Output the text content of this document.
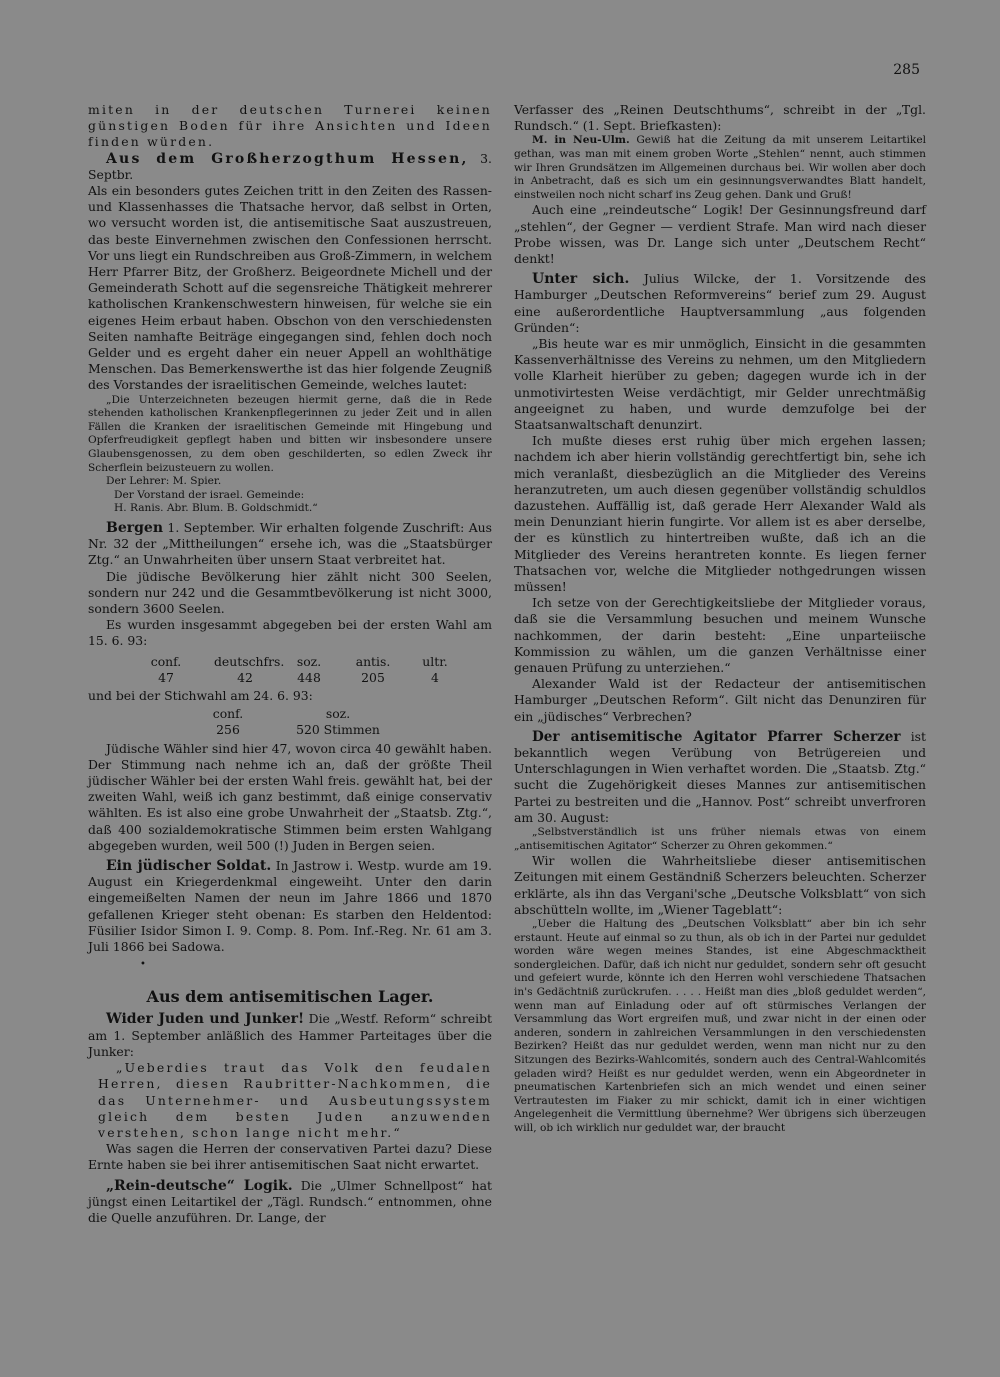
285

miten in der deutschen Turnerei keinen günstigen Boden für ihre Ansichten und Ideen finden würden.

Aus dem Großherzogthum Hessen, 3. Septbr.

Als ein besonders gutes Zeichen tritt in den Zeiten des Rassen- und Klassenhasses die Thatsache hervor, daß selbst in Orten, wo versucht worden ist, die antisemitische Saat auszustreuen, das beste Einvernehmen zwischen den Confessionen herrscht. Vor uns liegt ein Rundschreiben aus Groß-Zimmern, in welchem Herr Pfarrer Bitz, der Großherz. Beigeordnete Michell und der Gemeinderath Schott auf die segensreiche Thätigkeit mehrerer katholischen Krankenschwestern hinweisen, für welche sie ein eigenes Heim erbaut haben. Obschon von den verschiedensten Seiten namhafte Beiträge eingegangen sind, fehlen doch noch Gelder und es ergeht daher ein neuer Appell an wohlthätige Menschen. Das Bemerkenswerthe ist das hier folgende Zeugniß des Vorstandes der israelitischen Gemeinde, welches lautet:

„Die Unterzeichneten bezeugen hiermit gerne, daß die in Rede stehenden katholischen Krankenpflegerinnen zu jeder Zeit und in allen Fällen die Kranken der israelitischen Gemeinde mit Hingebung und Opferfreudigkeit gepflegt haben und bitten wir insbesondere unsere Glaubensgenossen, zu dem oben geschilderten, so edlen Zweck ihr Scherflein beizusteuern zu wollen.

Der Lehrer: M. Spier.

Der Vorstand der israel. Gemeinde:

H. Ranis. Abr. Blum. B. Goldschmidt.“

Bergen 1. September. Wir erhalten folgende Zuschrift: Aus Nr. 32 der „Mittheilungen“ ersehe ich, was die „Staatsbürger Ztg.“ an Unwahrheiten über unsern Staat verbreitet hat.

Die jüdische Bevölkerung hier zählt nicht 300 Seelen, sondern nur 242 und die Gesammtbevölkerung ist nicht 3000, sondern 3600 Seelen.

Es wurden insgesammt abgegeben bei der ersten Wahl am 15. 6. 93:

conf.	deutschfrs.	soz.	antis.	ultr.
47	42	448	205	4

und bei der Stichwahl am 24. 6. 93:

conf.	soz.
256	520 Stimmen

Jüdische Wähler sind hier 47, wovon circa 40 gewählt haben. Der Stimmung nach nehme ich an, daß der größte Theil jüdischer Wähler bei der ersten Wahl freis. gewählt hat, bei der zweiten Wahl, weiß ich ganz bestimmt, daß einige conservativ wählten. Es ist also eine grobe Unwahrheit der „Staatsb. Ztg.“, daß 400 sozialdemokratische Stimmen beim ersten Wahlgang abgegeben wurden, weil 500 (!) Juden in Bergen seien.

Ein jüdischer Soldat. In Jastrow i. Westp. wurde am 19. August ein Kriegerdenkmal eingeweiht. Unter den darin eingemeißelten Namen der neun im Jahre 1866 und 1870 gefallenen Krieger steht obenan: Es starben den Heldentod: Füsilier Isidor Simon I. 9. Comp. 8. Pom. Inf.-Reg. Nr. 61 am 3. Juli 1866 bei Sadowa.

•
Aus dem antisemitischen Lager.

Wider Juden und Junker! Die „Westf. Reform“ schreibt am 1. September anläßlich des Hammer Parteitages über die Junker:

„Ueberdies traut das Volk den feudalen Herren, diesen Raubritter-Nachkommen, die das Unternehmer- und Ausbeutungssystem gleich dem besten Juden anzuwenden verstehen, schon lange nicht mehr.“

Was sagen die Herren der conservativen Partei dazu? Diese Ernte haben sie bei ihrer antisemitischen Saat nicht erwartet.

„Rein-deutsche“ Logik. Die „Ulmer Schnellpost“ hat jüngst einen Leitartikel der „Tägl. Rundsch.“ entnommen, ohne die Quelle anzuführen. Dr. Lange, der

Verfasser des „Reinen Deutschthums“, schreibt in der „Tgl. Rundsch.“ (1. Sept. Briefkasten):

M. in Neu-Ulm. Gewiß hat die Zeitung da mit unserem Leitartikel gethan, was man mit einem groben Worte „Stehlen“ nennt, auch stimmen wir Ihren Grundsätzen im Allgemeinen durchaus bei. Wir wollen aber doch in Anbetracht, daß es sich um ein gesinnungsverwandtes Blatt handelt, einstweilen noch nicht scharf ins Zeug gehen. Dank und Gruß!

Auch eine „reindeutsche“ Logik! Der Gesinnungsfreund darf „stehlen“, der Gegner — verdient Strafe. Man wird nach dieser Probe wissen, was Dr. Lange sich unter „Deutschem Recht“ denkt!

Unter sich. Julius Wilcke, der 1. Vorsitzende des Hamburger „Deutschen Reformvereins“ berief zum 29. August eine außerordentliche Hauptversammlung „aus folgenden Gründen“:

„Bis heute war es mir unmöglich, Einsicht in die gesammten Kassenverhältnisse des Vereins zu nehmen, um den Mitgliedern volle Klarheit hierüber zu geben; dagegen wurde ich in der unmotivirtesten Weise verdächtigt, mir Gelder unrechtmäßig angeeignet zu haben, und wurde demzufolge bei der Staatsanwaltschaft denunzirt.

Ich mußte dieses erst ruhig über mich ergehen lassen; nachdem ich aber hierin vollständig gerechtfertigt bin, sehe ich mich veranlaßt, diesbezüglich an die Mitglieder des Vereins heranzutreten, um auch diesen gegenüber vollständig schuldlos dazustehen. Auffällig ist, daß gerade Herr Alexander Wald als mein Denunziant hierin fungirte. Vor allem ist es aber derselbe, der es künstlich zu hintertreiben wußte, daß ich an die Mitglieder des Vereins herantreten konnte. Es liegen ferner Thatsachen vor, welche die Mitglieder nothgedrungen wissen müssen!

Ich setze von der Gerechtigkeitsliebe der Mitglieder voraus, daß sie die Versammlung besuchen und meinem Wunsche nachkommen, der darin besteht: „Eine unparteiische Kommission zu wählen, um die ganzen Verhältnisse einer genauen Prüfung zu unterziehen.“

Alexander Wald ist der Redacteur der antisemitischen Hamburger „Deutschen Reform“. Gilt nicht das Denunziren für ein „jüdisches“ Verbrechen?

Der antisemitische Agitator Pfarrer Scherzer ist bekanntlich wegen Verübung von Betrügereien und Unterschlagungen in Wien verhaftet worden. Die „Staatsb. Ztg.“ sucht die Zugehörigkeit dieses Mannes zur antisemitischen Partei zu bestreiten und die „Hannov. Post“ schreibt unverfroren am 30. August:

„Selbstverständlich ist uns früher niemals etwas von einem „antisemitischen Agitator“ Scherzer zu Ohren gekommen.“

Wir wollen die Wahrheitsliebe dieser antisemitischen Zeitungen mit einem Geständniß Scherzers beleuchten. Scherzer erklärte, als ihn das Vergani'sche „Deutsche Volksblatt“ von sich abschütteln wollte, im „Wiener Tageblatt“:

„Ueber die Haltung des „Deutschen Volksblatt“ aber bin ich sehr erstaunt. Heute auf einmal so zu thun, als ob ich in der Partei nur geduldet worden wäre wegen meines Standes, ist eine Abgeschmacktheit sondergleichen. Dafür, daß ich nicht nur geduldet, sondern sehr oft gesucht und gefeiert wurde, könnte ich den Herren wohl verschiedene Thatsachen in's Gedächtniß zurückrufen. . . . . Heißt man dies „bloß geduldet werden“, wenn man auf Einladung oder auf oft stürmisches Verlangen der Versammlung das Wort ergreifen muß, und zwar nicht in der einen oder anderen, sondern in zahlreichen Versammlungen in den verschiedensten Bezirken? Heißt das nur geduldet werden, wenn man nicht nur zu den Sitzungen des Bezirks-Wahlcomités, sondern auch des Central-Wahlcomités geladen wird? Heißt es nur geduldet werden, wenn ein Abgeordneter in pneumatischen Kartenbriefen sich an mich wendet und einen seiner Vertrautesten im Fiaker zu mir schickt, damit ich in einer wichtigen Angelegenheit die Vermittlung übernehme? Wer übrigens sich überzeugen will, ob ich wirklich nur geduldet war, der braucht
